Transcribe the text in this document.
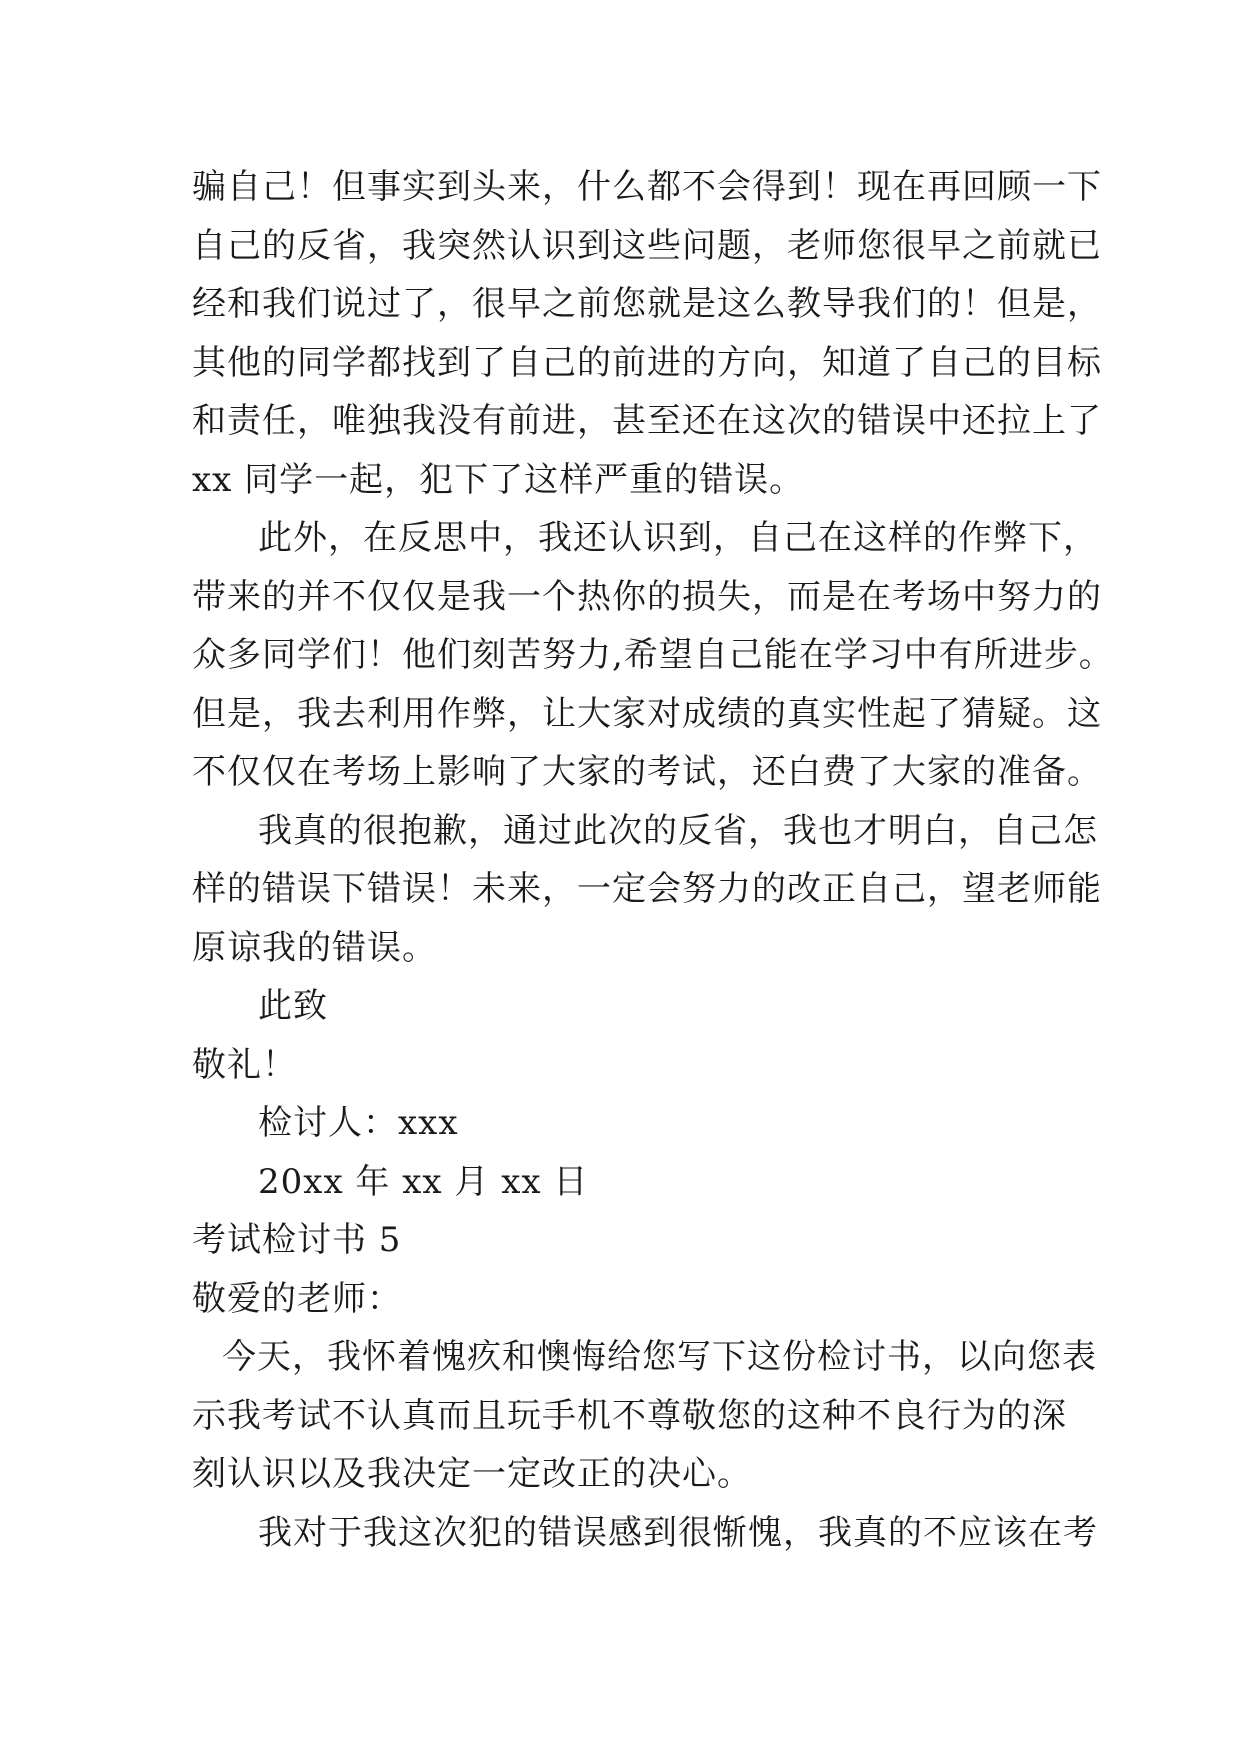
骗自己！但事实到头来，什么都不会得到！现在再回顾一下
自己的反省，我突然认识到这些问题，老师您很早之前就已
经和我们说过了，很早之前您就是这么教导我们的！但是，
其他的同学都找到了自己的前进的方向，知道了自己的目标
和责任，唯独我没有前进，甚至还在这次的错误中还拉上了
xx 同学一起，犯下了这样严重的错误。
此外，在反思中，我还认识到，自己在这样的作弊下，
带来的并不仅仅是我一个热你的损失，而是在考场中努力的
众多同学们！他们刻苦努力,希望自己能在学习中有所进步。
但是，我去利用作弊，让大家对成绩的真实性起了猜疑。这
不仅仅在考场上影响了大家的考试，还白费了大家的准备。
我真的很抱歉，通过此次的反省，我也才明白，自己怎
样的错误下错误！未来，一定会努力的改正自己，望老师能
原谅我的错误。
此致
敬礼！
检讨人：xxx
20xx 年 xx 月 xx 日
考试检讨书 5
敬爱的老师：
今天，我怀着愧疚和懊悔给您写下这份检讨书，以向您表
示我考试不认真而且玩手机不尊敬您的这种不良行为的深
刻认识以及我决定一定改正的决心。
我对于我这次犯的错误感到很惭愧，我真的不应该在考
